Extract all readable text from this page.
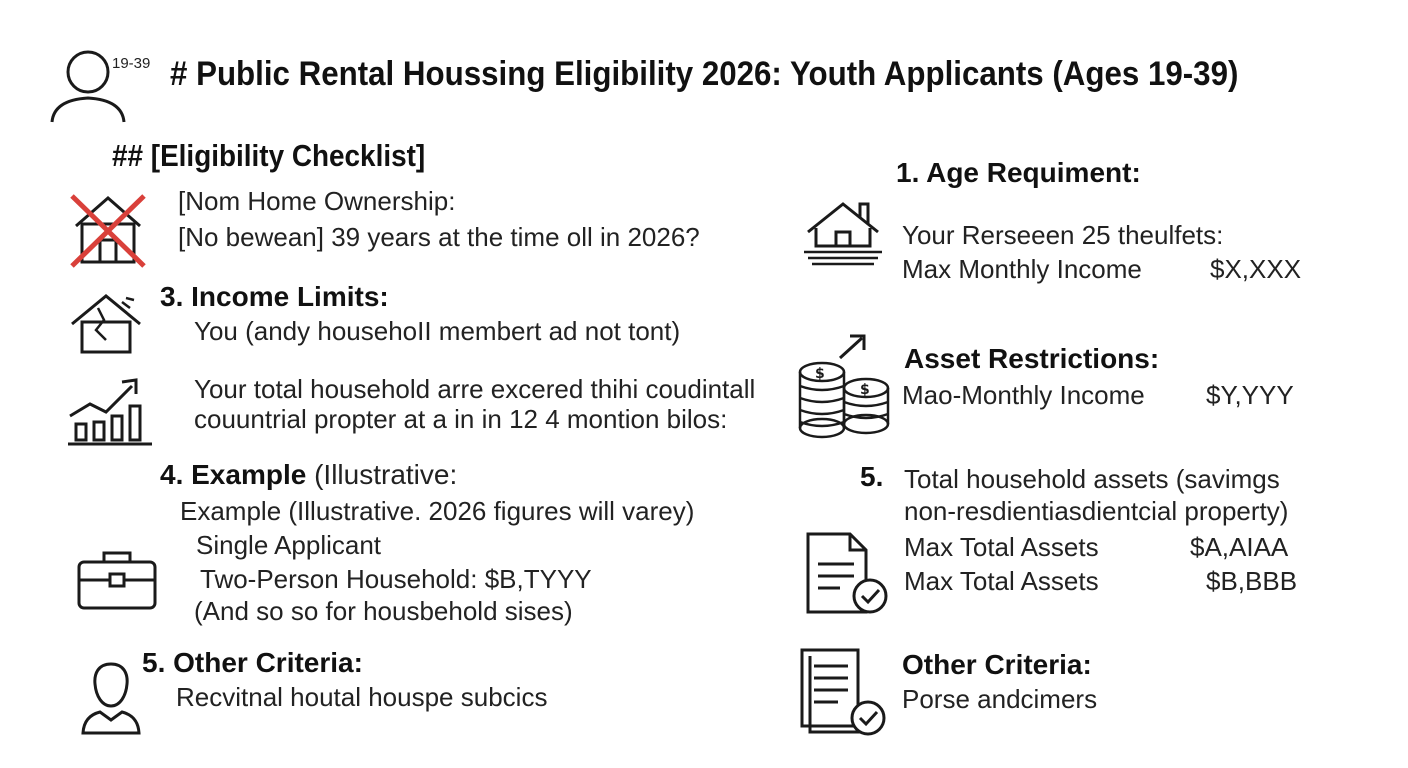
19-39 # Public Rental Houssing Eligibility 2026: Youth Applicants (Ages 19-39)
## [Eligibility Checklist]
[Nom Home Ownership:
[No bewean] 39 years at the time oll in 2026?
3. Income Limits:
You (andy househoII membert ad not tont)
Your total household arre excered thihi coudintall
couuntrial propter at a in in 12 4 montion bilos:
4. Example (Illustrative:
Example (Illustrative. 2026 figures will varey)
Single Applicant
Two-Person Household: $B,TYYY
(And so so for housbehold sises)
5. Other Criteria:
Recvitnal houtal houspe subcics
1. Age Requiment:
Your Rerseeen 25 theulfets:
Max Monthly Income	$X,XXX
$
$
Asset Restrictions:
Mao-Monthly Income $Y,YYY
5. Total household assets (savimgs
non-resdientiasdientcial property)
Max Total Assets	$A,AIAA
Max Total Assets	$B,BBB
Other Criteria:
Porse andcimers
